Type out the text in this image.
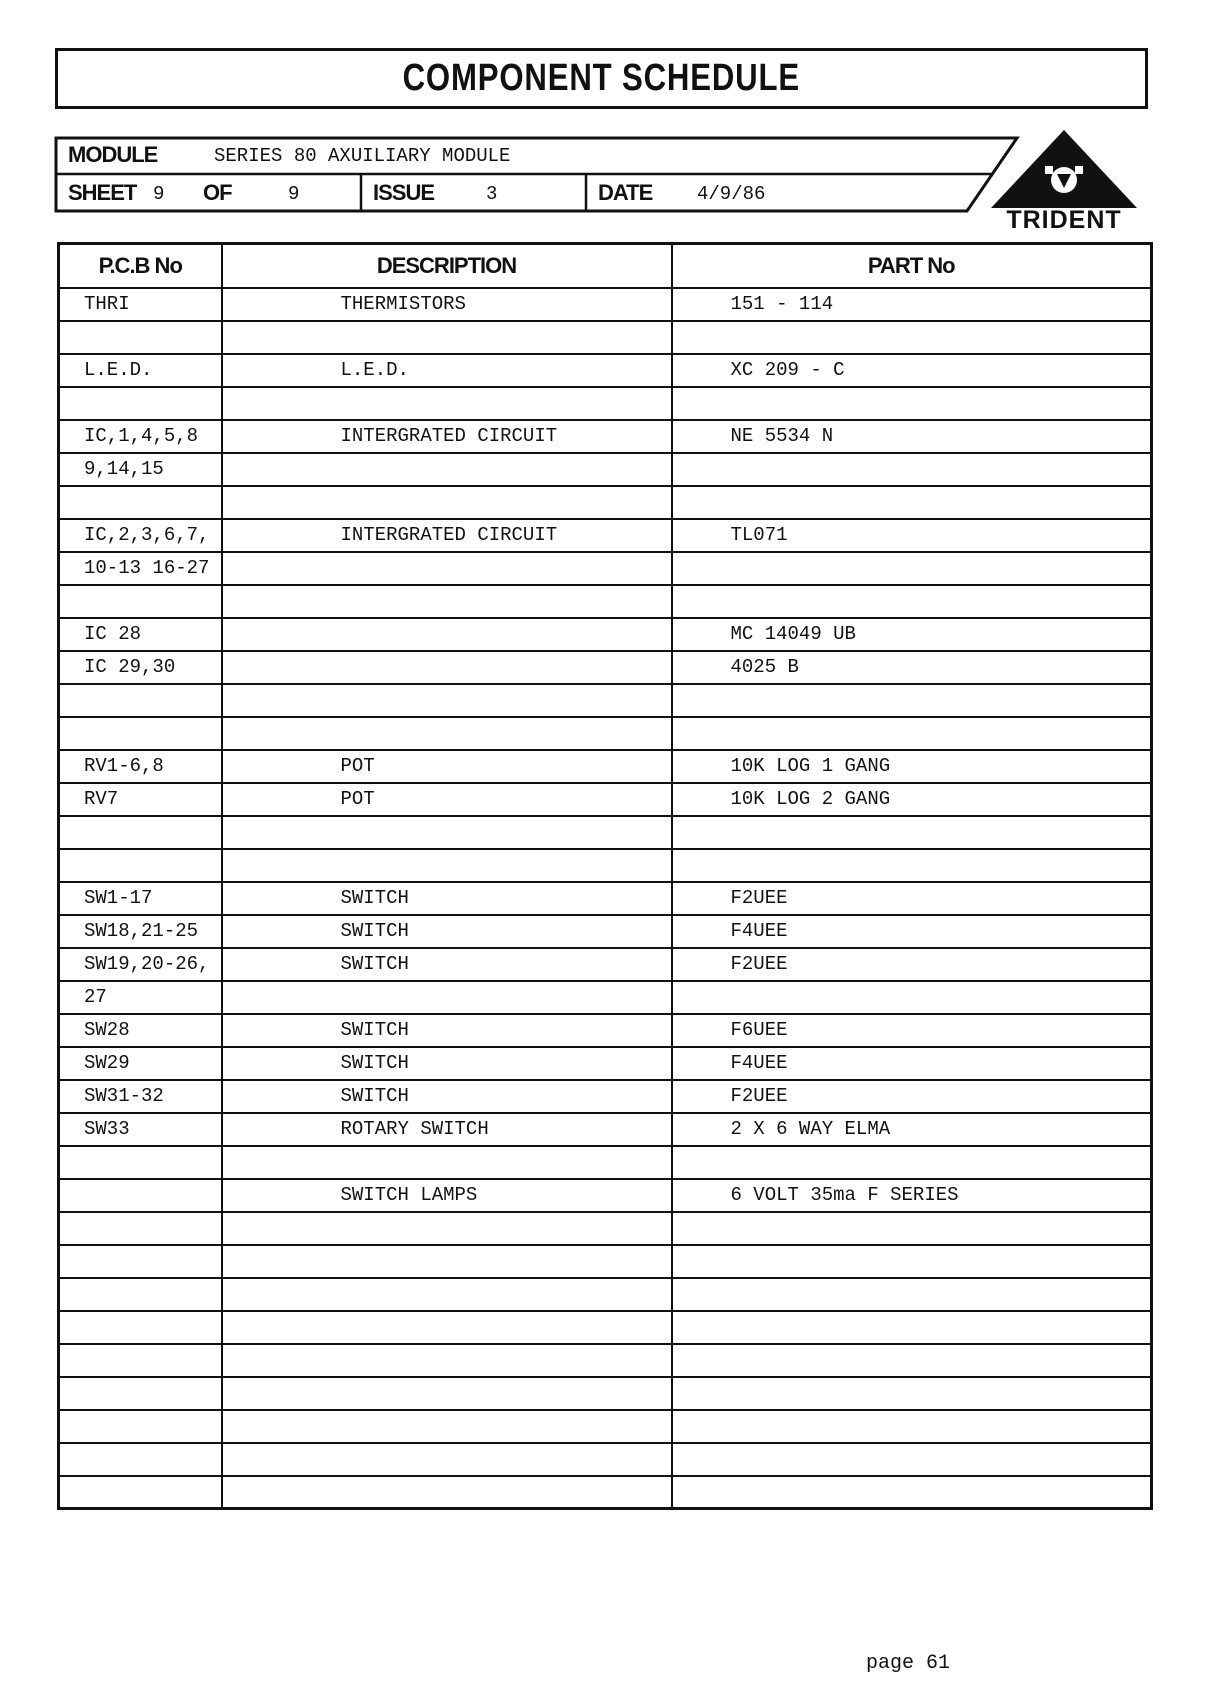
COMPONENT SCHEDULE
MODULE	SERIES 80 AXUILIARY MODULE
SHEET 9 OF	9	ISSUE	3	DATE 4/9/86
TRIDENT
P.C.B No	DESCRIPTION	PART No
THRI	THERMISTORS	151 - 114

L.E.D.	L.E.D.	XC 209 - C

IC,1,4,5,8	INTERGRATED CIRCUIT	NE 5534 N
9,14,15		

IC,2,3,6,7,	INTERGRATED CIRCUIT	TL071
10-13 16-27		

IC 28		MC 14049 UB
IC 29,30		4025 B

RV1-6,8	POT	10K LOG 1 GANG
RV7	POT	10K LOG 2 GANG

SW1-17	SWITCH	F2UEE
SW18,21-25	SWITCH	F4UEE
SW19,20-26,	SWITCH	F2UEE
27		
SW28	SWITCH	F6UEE
SW29	SWITCH	F4UEE
SW31-32	SWITCH	F2UEE
SW33	ROTARY SWITCH	2 X 6 WAY ELMA

	SWITCH LAMPS	6 VOLT 35ma F SERIES

page 61
